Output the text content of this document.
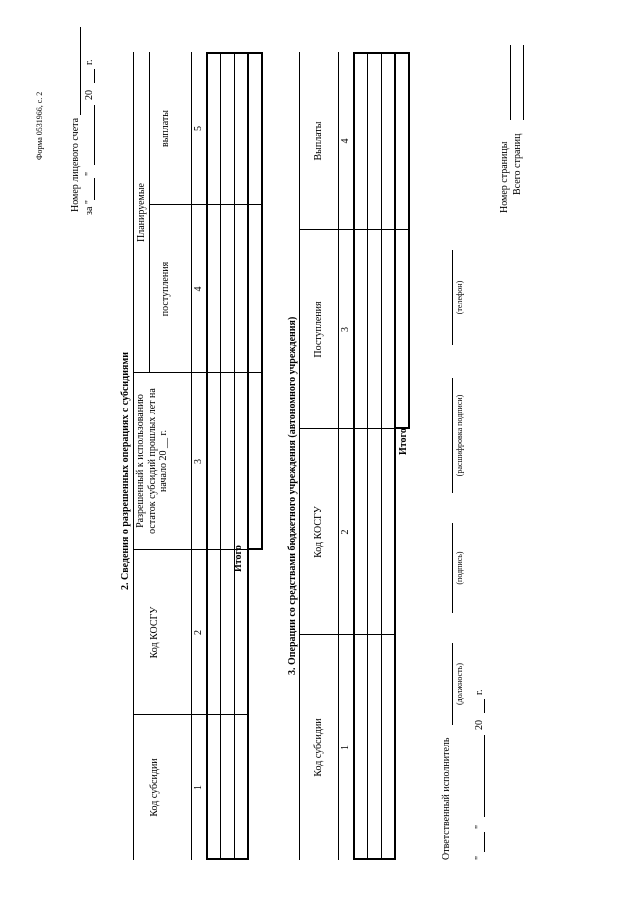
Форма 0531966, с. 2	Номер лицевого счета за "
"
20
г.
2. Сведения о разрешенных операциях с субсидиями
Код субсидии
Код КОСГУ
Разрешенный к использованию остаток субсидий прошлых лет на начало 20 __ г.
Планируемые
поступления
выплаты
1
2
3
4
5
Итого	3. Операции со средствами бюджетного учреждения (автономного учреждения)
Код субсидии
Код КОСГУ
Поступления
Выплаты
1
2
3
4
Итого
Ответственный исполнитель
(должность)
(подпись)
(расшифровка подписи)
(телефон)
"
"
20
г.
Номер страницы Всего страниц
